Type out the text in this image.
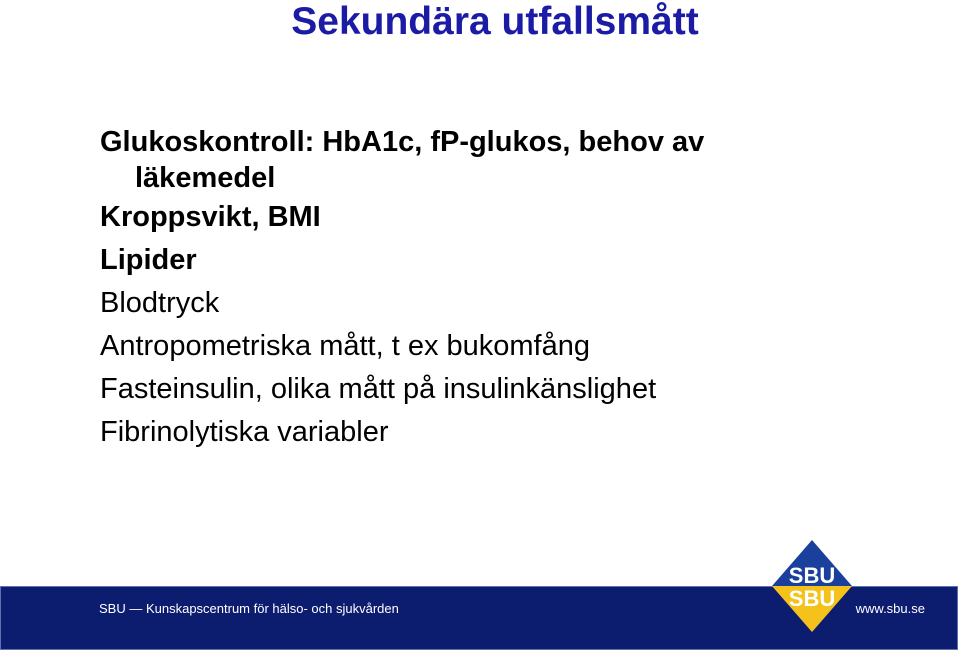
Sekundära utfallsmått
Glukoskontroll: HbA1c, fP-glukos, behov av
läkemedel
Kroppsvikt, BMI
Lipider
Blodtryck
Antropometriska mått, t ex bukomfång
Fasteinsulin, olika mått på insulinkänslighet
Fibrinolytiska variabler
SBU — Kunskapscentrum för hälso- och sjukvården	www.sbu.se
SBU
SBU
